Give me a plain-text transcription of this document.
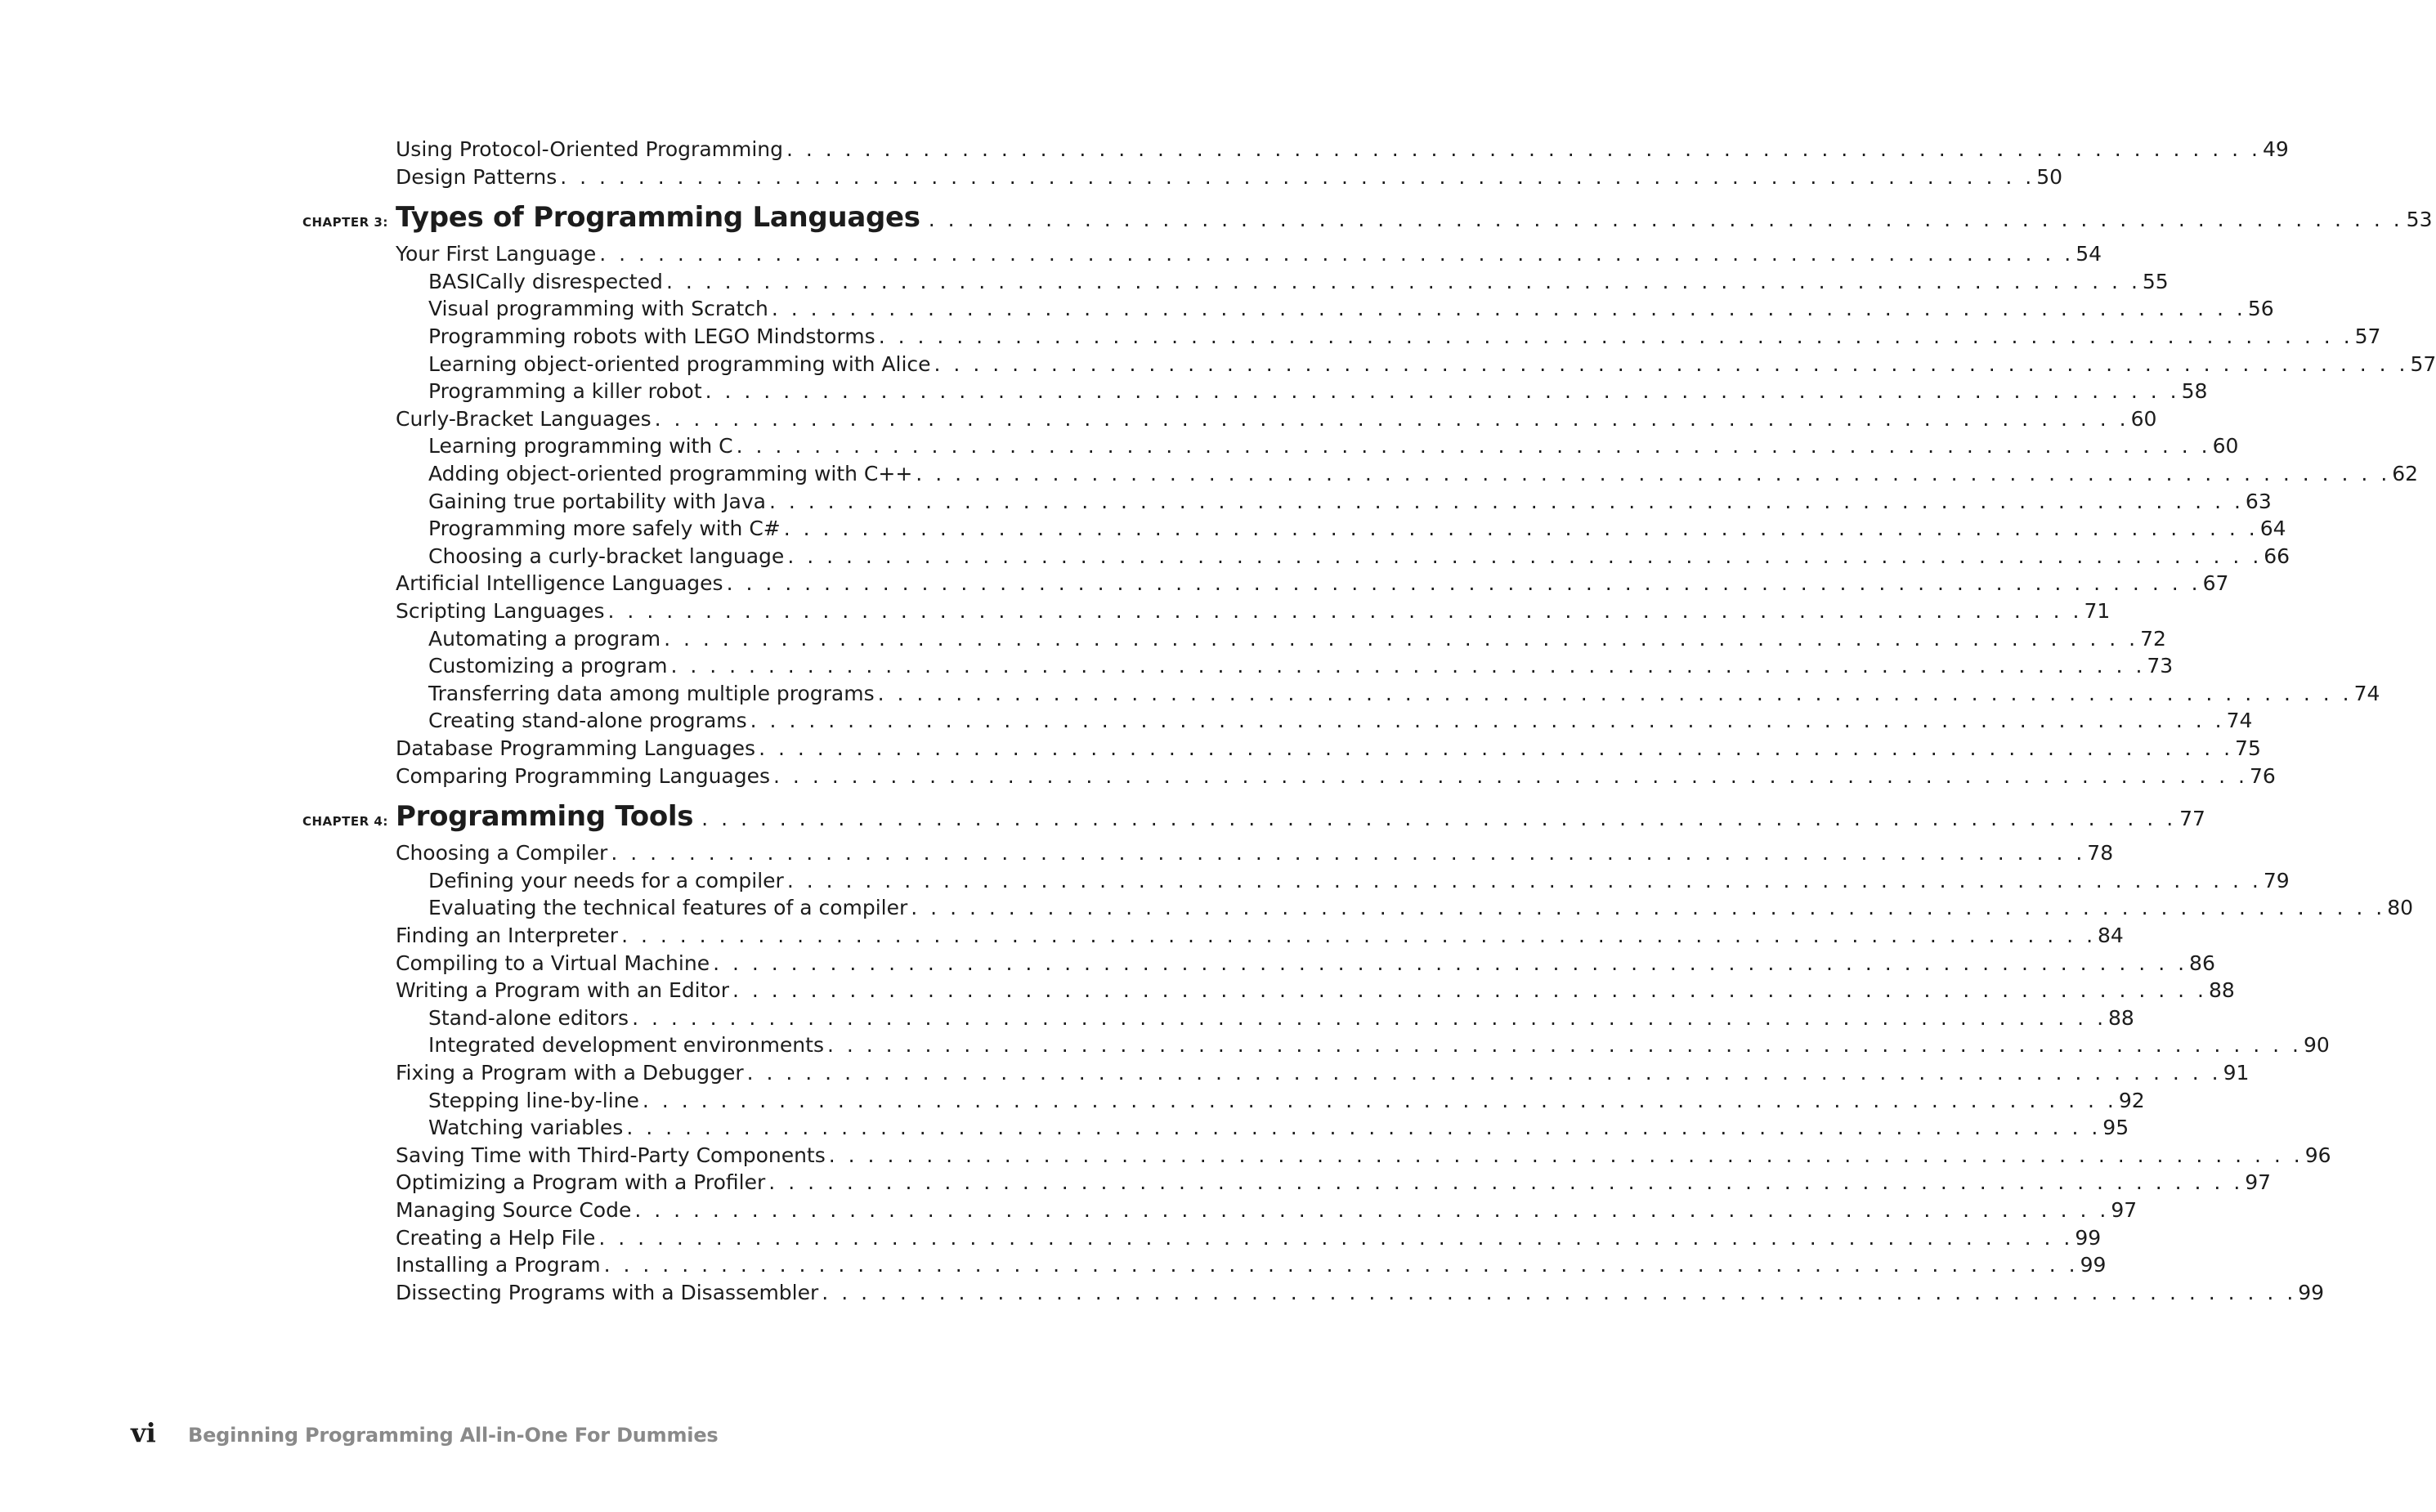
Using Protocol-Oriented Programming . . . . . . . . . . . . . . . . . . . . . . . . . . . . . . . . . . . . . . . . . . . . . . . . . . . . . . . . . . . . . . . . . . . . . . . . . . . . 49
Design Patterns . . . . . . . . . . . . . . . . . . . . . . . . . . . . . . . . . . . . . . . . . . . . . . . . . . . . . . . . . . . . . . . . . . . . . . . . . . . . 50
CHAPTER 3: Types of Programming Languages . . . . . . . . . . . . . . . . . . . . . . . . . . . . . . . . . . . . . . . . . . . . . . . . . . . . . . . . . . . . . . . . . . . . . . . . . . . . 53
Your First Language . . . . . . . . . . . . . . . . . . . . . . . . . . . . . . . . . . . . . . . . . . . . . . . . . . . . . . . . . . . . . . . . . . . . . . . . . . . . 54
BASICally disrespected . . . . . . . . . . . . . . . . . . . . . . . . . . . . . . . . . . . . . . . . . . . . . . . . . . . . . . . . . . . . . . . . . . . . . . . . . . . . 55
Visual programming with Scratch . . . . . . . . . . . . . . . . . . . . . . . . . . . . . . . . . . . . . . . . . . . . . . . . . . . . . . . . . . . . . . . . . . . . . . . . . . . . 56
Programming robots with LEGO Mindstorms . . . . . . . . . . . . . . . . . . . . . . . . . . . . . . . . . . . . . . . . . . . . . . . . . . . . . . . . . . . . . . . . . . . . . . . . . . . . 57
Learning object-oriented programming with Alice . . . . . . . . . . . . . . . . . . . . . . . . . . . . . . . . . . . . . . . . . . . . . . . . . . . . . . . . . . . . . . . . . . . . . . . . . . . . 57
Programming a killer robot . . . . . . . . . . . . . . . . . . . . . . . . . . . . . . . . . . . . . . . . . . . . . . . . . . . . . . . . . . . . . . . . . . . . . . . . . . . . 58
Curly-Bracket Languages . . . . . . . . . . . . . . . . . . . . . . . . . . . . . . . . . . . . . . . . . . . . . . . . . . . . . . . . . . . . . . . . . . . . . . . . . . . . 60
Learning programming with C . . . . . . . . . . . . . . . . . . . . . . . . . . . . . . . . . . . . . . . . . . . . . . . . . . . . . . . . . . . . . . . . . . . . . . . . . . . . 60
Adding object-oriented programming with C++ . . . . . . . . . . . . . . . . . . . . . . . . . . . . . . . . . . . . . . . . . . . . . . . . . . . . . . . . . . . . . . . . . . . . . . . . . . . . 62
Gaining true portability with Java . . . . . . . . . . . . . . . . . . . . . . . . . . . . . . . . . . . . . . . . . . . . . . . . . . . . . . . . . . . . . . . . . . . . . . . . . . . . 63
Programming more safely with C# . . . . . . . . . . . . . . . . . . . . . . . . . . . . . . . . . . . . . . . . . . . . . . . . . . . . . . . . . . . . . . . . . . . . . . . . . . . . 64
Choosing a curly-bracket language . . . . . . . . . . . . . . . . . . . . . . . . . . . . . . . . . . . . . . . . . . . . . . . . . . . . . . . . . . . . . . . . . . . . . . . . . . . . 66
Artificial Intelligence Languages . . . . . . . . . . . . . . . . . . . . . . . . . . . . . . . . . . . . . . . . . . . . . . . . . . . . . . . . . . . . . . . . . . . . . . . . . . . . 67
Scripting Languages . . . . . . . . . . . . . . . . . . . . . . . . . . . . . . . . . . . . . . . . . . . . . . . . . . . . . . . . . . . . . . . . . . . . . . . . . . . . 71
Automating a program . . . . . . . . . . . . . . . . . . . . . . . . . . . . . . . . . . . . . . . . . . . . . . . . . . . . . . . . . . . . . . . . . . . . . . . . . . . . 72
Customizing a program . . . . . . . . . . . . . . . . . . . . . . . . . . . . . . . . . . . . . . . . . . . . . . . . . . . . . . . . . . . . . . . . . . . . . . . . . . . . 73
Transferring data among multiple programs . . . . . . . . . . . . . . . . . . . . . . . . . . . . . . . . . . . . . . . . . . . . . . . . . . . . . . . . . . . . . . . . . . . . . . . . . . . . 74
Creating stand-alone programs . . . . . . . . . . . . . . . . . . . . . . . . . . . . . . . . . . . . . . . . . . . . . . . . . . . . . . . . . . . . . . . . . . . . . . . . . . . . 74
Database Programming Languages . . . . . . . . . . . . . . . . . . . . . . . . . . . . . . . . . . . . . . . . . . . . . . . . . . . . . . . . . . . . . . . . . . . . . . . . . . . . 75
Comparing Programming Languages . . . . . . . . . . . . . . . . . . . . . . . . . . . . . . . . . . . . . . . . . . . . . . . . . . . . . . . . . . . . . . . . . . . . . . . . . . . . 76
CHAPTER 4: Programming Tools . . . . . . . . . . . . . . . . . . . . . . . . . . . . . . . . . . . . . . . . . . . . . . . . . . . . . . . . . . . . . . . . . . . . . . . . . . . . 77
Choosing a Compiler . . . . . . . . . . . . . . . . . . . . . . . . . . . . . . . . . . . . . . . . . . . . . . . . . . . . . . . . . . . . . . . . . . . . . . . . . . . . 78
Defining your needs for a compiler . . . . . . . . . . . . . . . . . . . . . . . . . . . . . . . . . . . . . . . . . . . . . . . . . . . . . . . . . . . . . . . . . . . . . . . . . . . . 79
Evaluating the technical features of a compiler . . . . . . . . . . . . . . . . . . . . . . . . . . . . . . . . . . . . . . . . . . . . . . . . . . . . . . . . . . . . . . . . . . . . . . . . . . . . 80
Finding an Interpreter . . . . . . . . . . . . . . . . . . . . . . . . . . . . . . . . . . . . . . . . . . . . . . . . . . . . . . . . . . . . . . . . . . . . . . . . . . . . 84
Compiling to a Virtual Machine . . . . . . . . . . . . . . . . . . . . . . . . . . . . . . . . . . . . . . . . . . . . . . . . . . . . . . . . . . . . . . . . . . . . . . . . . . . . 86
Writing a Program with an Editor . . . . . . . . . . . . . . . . . . . . . . . . . . . . . . . . . . . . . . . . . . . . . . . . . . . . . . . . . . . . . . . . . . . . . . . . . . . . 88
Stand-alone editors . . . . . . . . . . . . . . . . . . . . . . . . . . . . . . . . . . . . . . . . . . . . . . . . . . . . . . . . . . . . . . . . . . . . . . . . . . . . 88
Integrated development environments . . . . . . . . . . . . . . . . . . . . . . . . . . . . . . . . . . . . . . . . . . . . . . . . . . . . . . . . . . . . . . . . . . . . . . . . . . . . 90
Fixing a Program with a Debugger . . . . . . . . . . . . . . . . . . . . . . . . . . . . . . . . . . . . . . . . . . . . . . . . . . . . . . . . . . . . . . . . . . . . . . . . . . . . 91
Stepping line-by-line . . . . . . . . . . . . . . . . . . . . . . . . . . . . . . . . . . . . . . . . . . . . . . . . . . . . . . . . . . . . . . . . . . . . . . . . . . . . 92
Watching variables . . . . . . . . . . . . . . . . . . . . . . . . . . . . . . . . . . . . . . . . . . . . . . . . . . . . . . . . . . . . . . . . . . . . . . . . . . . . 95
Saving Time with Third-Party Components . . . . . . . . . . . . . . . . . . . . . . . . . . . . . . . . . . . . . . . . . . . . . . . . . . . . . . . . . . . . . . . . . . . . . . . . . . . . 96
Optimizing a Program with a Profiler . . . . . . . . . . . . . . . . . . . . . . . . . . . . . . . . . . . . . . . . . . . . . . . . . . . . . . . . . . . . . . . . . . . . . . . . . . . . 97
Managing Source Code . . . . . . . . . . . . . . . . . . . . . . . . . . . . . . . . . . . . . . . . . . . . . . . . . . . . . . . . . . . . . . . . . . . . . . . . . . . . 97
Creating a Help File . . . . . . . . . . . . . . . . . . . . . . . . . . . . . . . . . . . . . . . . . . . . . . . . . . . . . . . . . . . . . . . . . . . . . . . . . . . . 99
Installing a Program . . . . . . . . . . . . . . . . . . . . . . . . . . . . . . . . . . . . . . . . . . . . . . . . . . . . . . . . . . . . . . . . . . . . . . . . . . . . 99
Dissecting Programs with a Disassembler . . . . . . . . . . . . . . . . . . . . . . . . . . . . . . . . . . . . . . . . . . . . . . . . . . . . . . . . . . . . . . . . . . . . . . . . . . . . 99
vi	Beginning Programming All-in-One For Dummies
